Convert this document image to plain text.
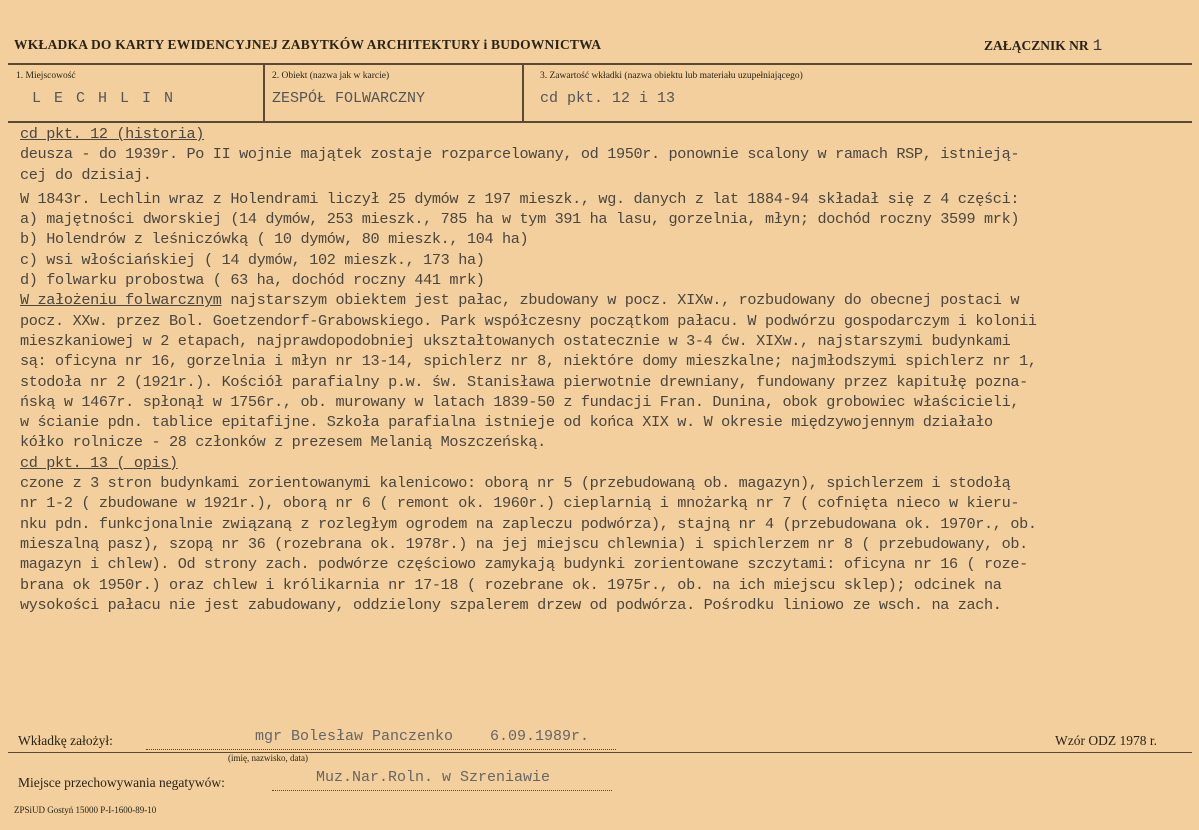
WKŁADKA DO KARTY EWIDENCYJNEJ ZABYTKÓW ARCHITEKTURY i BUDOWNICTWA	ZAŁĄCZNIK NR 1
1. Miejscowość
L E C H L I N
2. Obiekt (nazwa jak w karcie)
ZESPÓŁ FOLWARCZNY
3. Zawartość wkładki (nazwa obiektu lub materiału uzupełniającego)
cd pkt. 12 i 13
cd pkt. 12 (historia)
deusza - do 1939r. Po II wojnie majątek zostaje rozparcelowany, od 1950r. ponownie scalony w ramach RSP, istnieją-
cej do dzisiaj.
W 1843r. Lechlin wraz z Holendrami liczył 25 dymów z 197 mieszk., wg. danych z lat 1884-94 składał się z 4 części:
a) majętności dworskiej (14 dymów, 253 mieszk., 785 ha w tym 391 ha lasu, gorzelnia, młyn; dochód roczny 3599 mrk)
b) Holendrów z leśniczówką ( 10 dymów, 80 mieszk., 104 ha)
c) wsi włościańskiej ( 14 dymów, 102 mieszk., 173 ha)
d) folwarku probostwa ( 63 ha, dochód roczny 441 mrk)
W założeniu folwarcznym najstarszym obiektem jest pałac, zbudowany w pocz. XIXw., rozbudowany do obecnej postaci w
pocz. XXw. przez Bol. Goetzendorf-Grabowskiego. Park współczesny początkom pałacu. W podwórzu gospodarczym i kolonii
mieszkaniowej w 2 etapach, najprawdopodobniej ukształtowanych ostatecznie w 3-4 ćw. XIXw., najstarszymi budynkami
są: oficyna nr 16, gorzelnia i młyn nr 13-14, spichlerz nr 8, niektóre domy mieszkalne; najmłodszymi spichlerz nr 1,
stodoła nr 2 (1921r.). Kościół parafialny p.w. św. Stanisława pierwotnie drewniany, fundowany przez kapitułę pozna-
ńską w 1467r. spłonął w 1756r., ob. murowany w latach 1839-50 z fundacji Fran. Dunina, obok grobowiec właścicieli,
w ścianie pdn. tablice epitafijne. Szkoła parafialna istnieje od końca XIX w. W okresie międzywojennym działało
kółko rolnicze - 28 członków z prezesem Melanią Moszczeńską.
cd pkt. 13 ( opis)
czone z 3 stron budynkami zorientowanymi kalenicowo: oborą nr 5 (przebudowaną ob. magazyn), spichlerzem i stodołą
nr 1-2 ( zbudowane w 1921r.), oborą nr 6 ( remont ok. 1960r.) cieplarnią i mnożarką nr 7 ( cofnięta nieco w kieru-
nku pdn. funkcjonalnie związaną z rozległym ogrodem na zapleczu podwórza), stajną nr 4 (przebudowana ok. 1970r., ob.
mieszalną pasz), szopą nr 36 (rozebrana ok. 1978r.) na jej miejscu chlewnia) i spichlerzem nr 8 ( przebudowany, ob.
magazyn i chlew). Od strony zach. podwórze częściowo zamykają budynki zorientowane szczytami: oficyna nr 16 ( roze-
brana ok 1950r.) oraz chlew i królikarnia nr 17-18 ( rozebrane ok. 1975r., ob. na ich miejscu sklep); odcinek na
wysokości pałacu nie jest zabudowany, oddzielony szpalerem drzew od podwórza. Pośrodku liniowo ze wsch. na zach.
Wkładkę założył:	mgr Bolesław Panczenko 6.09.1989r.
(imię, nazwisko, data)
Wzór ODZ 1978 r.
Miejsce przechowywania negatywów:	Muz.Nar.Roln. w Szreniawie
ZPSiUD Gostyń 15000 P-I-1600-89-10
